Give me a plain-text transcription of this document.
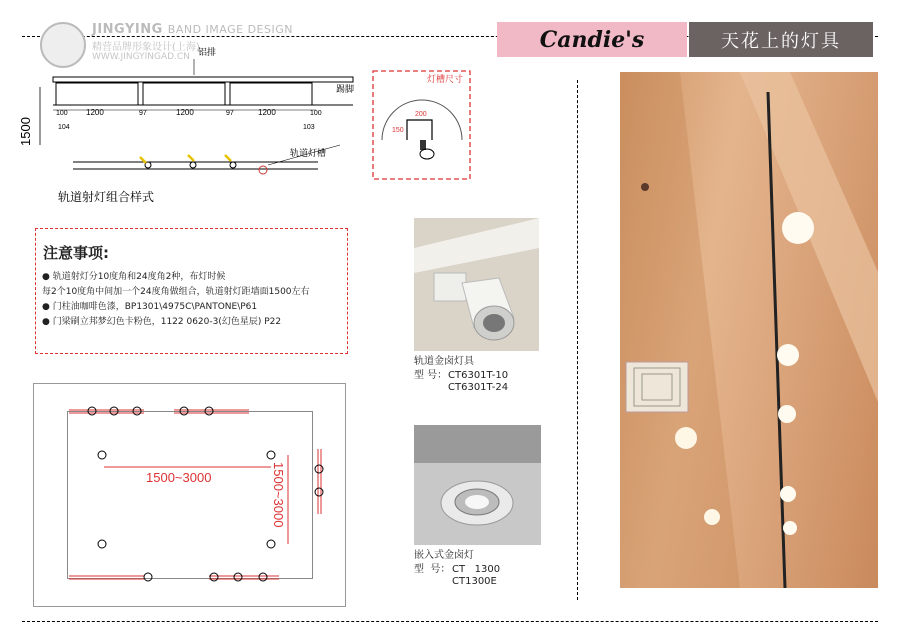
JINGYING BAND IMAGE DESIGN
精营品牌形象设计(上海)
WWW.JINGYINGAD.CN
Candie's	天花上的灯具
1500
铝排
踢脚
100 1200	97	1200	97	1200	100
104	103
轨道灯槽
轨道射灯组合样式
灯槽尺寸
200
150
注意事项:
● 轨道射灯分10度角和24度角2种，布灯时候
每2个10度角中间加一个24度角做组合，轨道射灯距墙面1500左右
● 门柱油咖啡色漆，BP1301\4975C\PANTONE\P61
● 门梁刷立邦梦幻色卡粉色，1122 0620-3(幻色星辰) P22
1500~3000	1500~3000
轨道金卤灯具
型 号： CT6301T-10
CT6301T-24
嵌入式金卤灯
型  号： CT   1300
CT1300E
